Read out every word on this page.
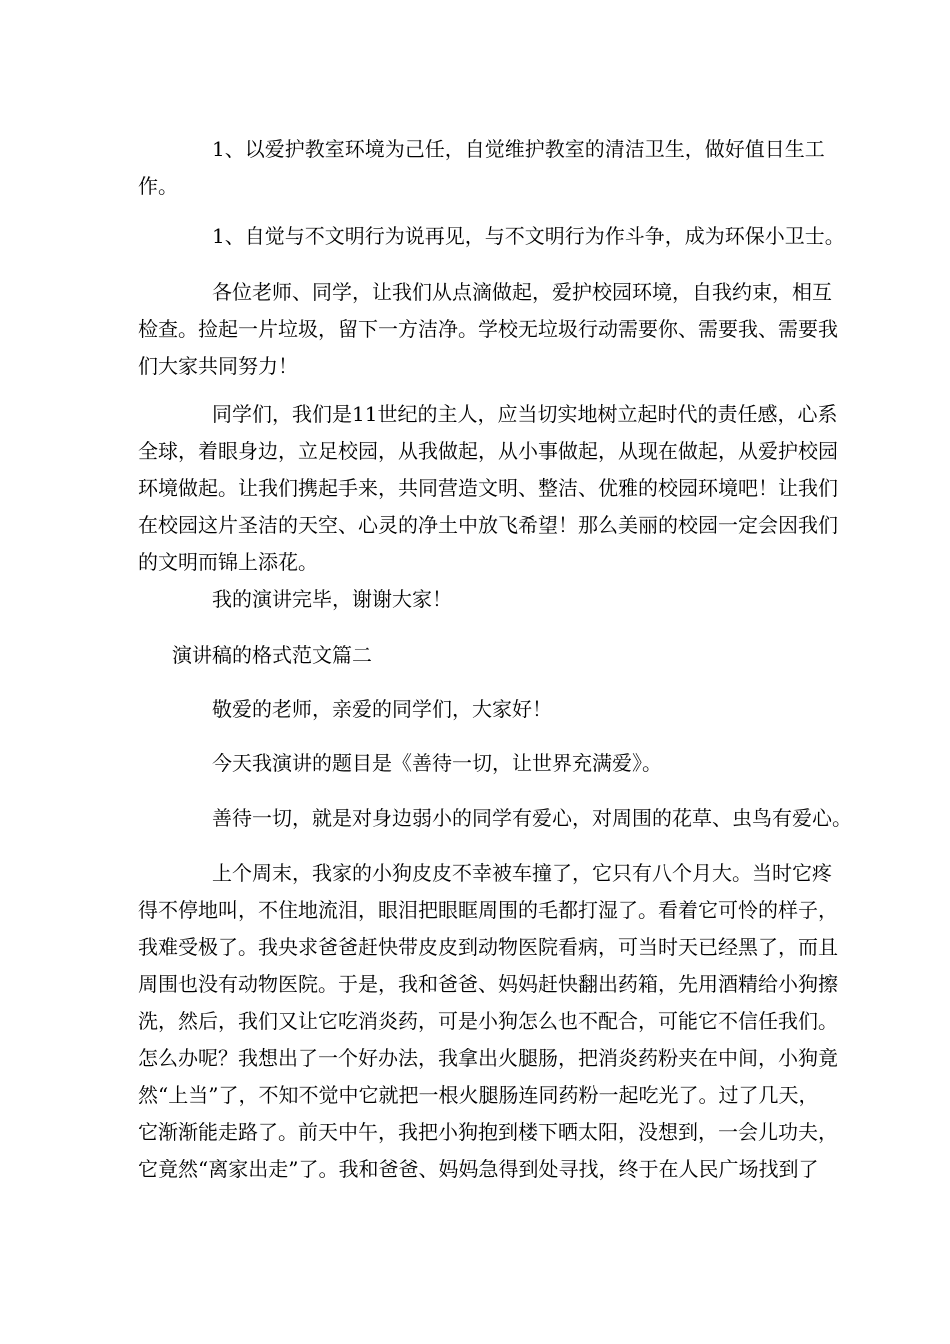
1、以爱护教室环境为己任，自觉维护教室的清洁卫生，做好值日生工
作。
1、自觉与不文明行为说再见，与不文明行为作斗争，成为环保小卫士。
各位老师、同学，让我们从点滴做起，爱护校园环境，自我约束，相互
检查。捡起一片垃圾，留下一方洁净。学校无垃圾行动需要你、需要我、需要我
们大家共同努力！
同学们，我们是11世纪的主人，应当切实地树立起时代的责任感，心系
全球，着眼身边，立足校园，从我做起，从小事做起，从现在做起，从爱护校园
环境做起。让我们携起手来，共同营造文明、整洁、优雅的校园环境吧！让我们
在校园这片圣洁的天空、心灵的净土中放飞希望！那么美丽的校园一定会因我们
的文明而锦上添花。
我的演讲完毕，谢谢大家！
演讲稿的格式范文篇二
敬爱的老师，亲爱的同学们，大家好！
今天我演讲的题目是《善待一切，让世界充满爱》。
善待一切，就是对身边弱小的同学有爱心，对周围的花草、虫鸟有爱心。
上个周末，我家的小狗皮皮不幸被车撞了，它只有八个月大。当时它疼
得不停地叫，不住地流泪，眼泪把眼眶周围的毛都打湿了。看着它可怜的样子，
我难受极了。我央求爸爸赶快带皮皮到动物医院看病，可当时天已经黑了，而且
周围也没有动物医院。于是，我和爸爸、妈妈赶快翻出药箱，先用酒精给小狗擦
洗，然后，我们又让它吃消炎药，可是小狗怎么也不配合，可能它不信任我们。
怎么办呢？我想出了一个好办法，我拿出火腿肠，把消炎药粉夹在中间，小狗竟
然“上当”了，不知不觉中它就把一根火腿肠连同药粉一起吃光了。过了几天，
它渐渐能走路了。前天中午，我把小狗抱到楼下晒太阳，没想到，一会儿功夫，
它竟然“离家出走”了。我和爸爸、妈妈急得到处寻找，终于在人民广场找到了
